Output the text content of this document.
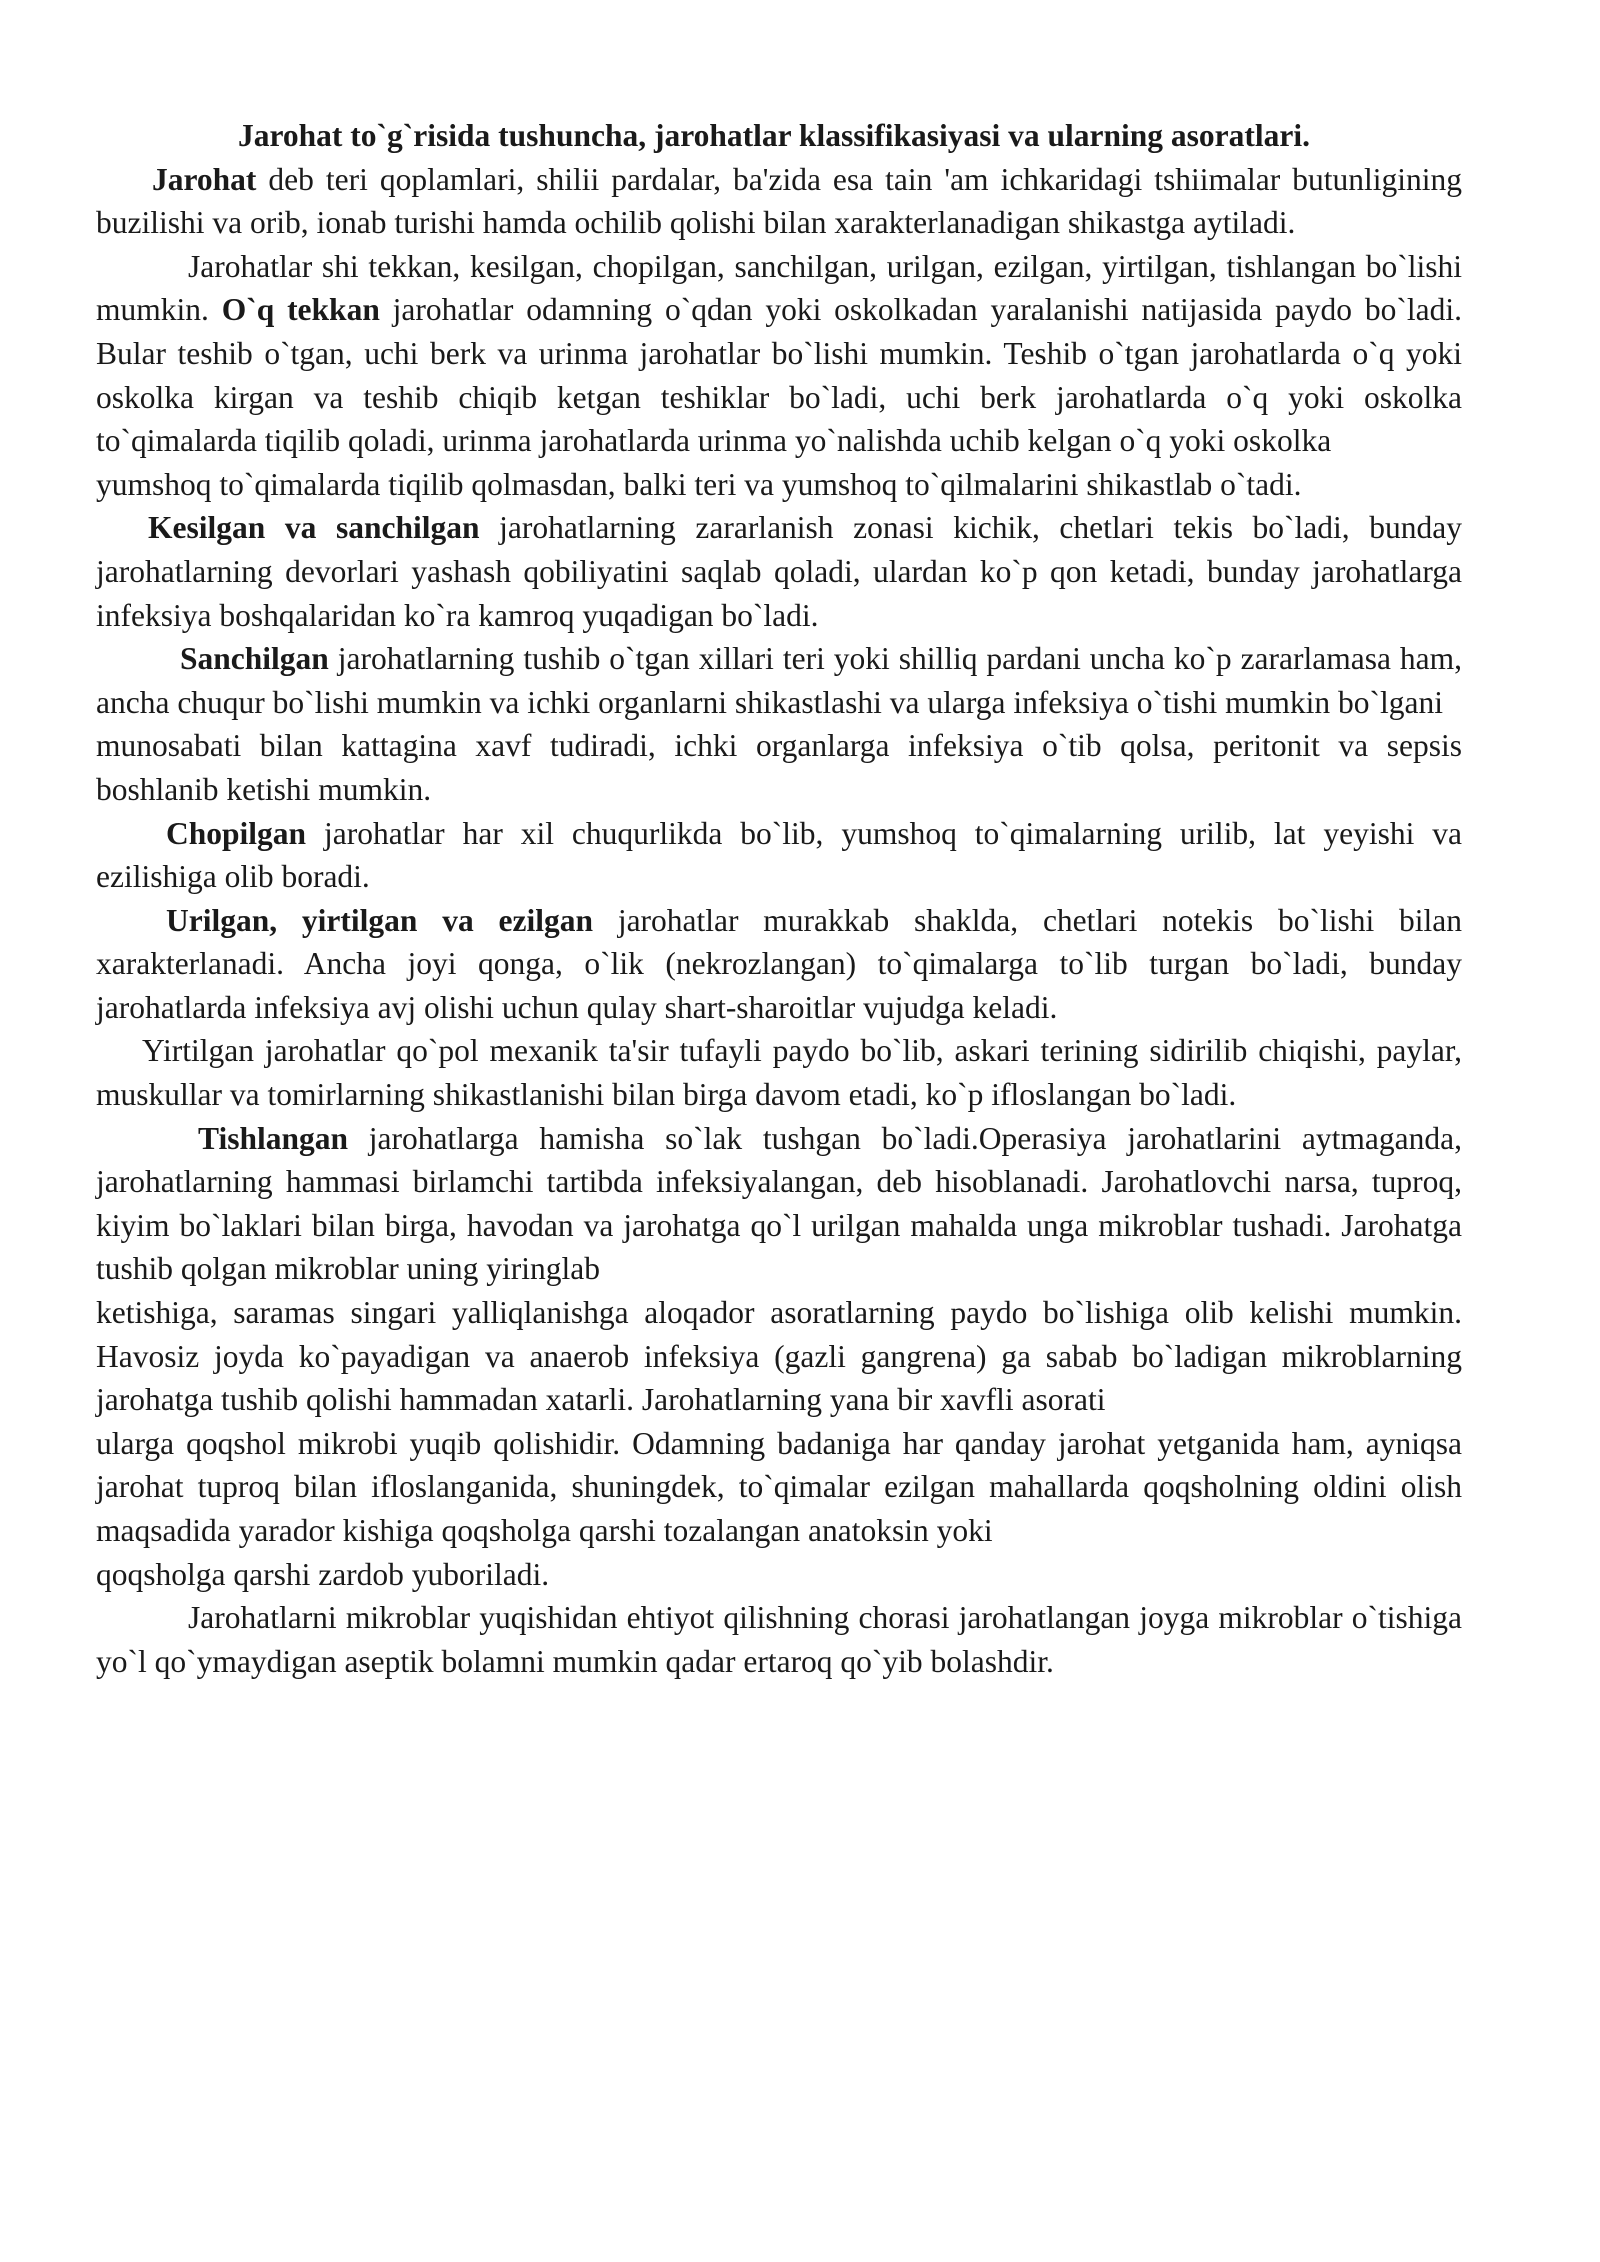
Jarohat to`g`risida tushuncha, jarohatlar klassifikasiyasi va ularning asoratlari.

Jarohat deb teri qoplamlari, shilii pardalar, ba'zida esa tain 'am ichkaridagi tshiimalar butunligining buzilishi va orib, ionab turishi hamda ochilib qolishi bilan xarakterlanadigan shikastga aytiladi.

Jarohatlar shi tekkan, kesilgan, chopilgan, sanchilgan, urilgan, ezilgan, yirtilgan, tishlangan bo`lishi mumkin. O`q tekkan jarohatlar odamning o`qdan yoki oskolkadan yaralanishi natijasida paydo bo`ladi. Bular teshib o`tgan, uchi berk va urinma jarohatlar bo`lishi mumkin. Teshib o`tgan jarohatlarda o`q yoki oskolka kirgan va teshib chiqib ketgan teshiklar bo`ladi, uchi berk jarohatlarda o`q yoki oskolka to`qimalarda tiqilib qoladi, urinma jarohatlarda urinma yo`nalishda uchib kelgan o`q yoki oskolka

yumshoq to`qimalarda tiqilib qolmasdan, balki teri va yumshoq to`qilmalarini shikastlab o`tadi.

Kesilgan va sanchilgan jarohatlarning zararlanish zonasi kichik, chetlari tekis bo`ladi, bunday jarohatlarning devorlari yashash qobiliyatini saqlab qoladi, ulardan ko`p qon ketadi, bunday jarohatlarga infeksiya boshqalaridan ko`ra kamroq yuqadigan bo`ladi.

Sanchilgan jarohatlarning tushib o`tgan xillari teri yoki shilliq pardani uncha ko`p zararlamasa ham, ancha chuqur bo`lishi mumkin va ichki organlarni shikastlashi va ularga infeksiya o`tishi mumkin bo`lgani

munosabati bilan kattagina xavf tudiradi, ichki organlarga infeksiya o`tib qolsa, peritonit va sepsis boshlanib ketishi mumkin.

Chopilgan jarohatlar har xil chuqurlikda bo`lib, yumshoq to`qimalarning urilib, lat yeyishi va ezilishiga olib boradi.

Urilgan, yirtilgan va ezilgan jarohatlar murakkab shaklda, chetlari notekis bo`lishi bilan xarakterlanadi. Ancha joyi qonga, o`lik (nekrozlangan) to`qimalarga to`lib turgan bo`ladi, bunday jarohatlarda infeksiya avj olishi uchun qulay shart-sharoitlar vujudga keladi.

Yirtilgan jarohatlar qo`pol mexanik ta'sir tufayli paydo bo`lib, askari terining sidirilib chiqishi, paylar, muskullar va tomirlarning shikastlanishi bilan birga davom etadi, ko`p ifloslangan bo`ladi.

Tishlangan jarohatlarga hamisha so`lak tushgan bo`ladi.Operasiya jarohatlarini aytmaganda, jarohatlarning hammasi birlamchi tartibda infeksiyalangan, deb hisoblanadi. Jarohatlovchi narsa, tuproq, kiyim bo`laklari bilan birga, havodan va jarohatga qo`l urilgan mahalda unga mikroblar tushadi. Jarohatga tushib qolgan mikroblar uning yiringlab

ketishiga, saramas singari yalliqlanishga aloqador asoratlarning paydo bo`lishiga olib kelishi mumkin. Havosiz joyda ko`payadigan va anaerob infeksiya (gazli gangrena) ga sabab bo`ladigan mikroblarning jarohatga tushib qolishi hammadan xatarli. Jarohatlarning yana bir xavfli asorati

ularga qoqshol mikrobi yuqib qolishidir. Odamning badaniga har qanday jarohat yetganida ham, ayniqsa jarohat tuproq bilan ifloslanganida, shuningdek, to`qimalar ezilgan mahallarda qoqsholning oldini olish maqsadida yarador kishiga qoqsholga qarshi tozalangan anatoksin yoki

qoqsholga qarshi zardob yuboriladi.

Jarohatlarni mikroblar yuqishidan ehtiyot qilishning chorasi jarohatlangan joyga mikroblar o`tishiga yo`l qo`ymaydigan aseptik bolamni mumkin qadar ertaroq qo`yib bolashdir.
